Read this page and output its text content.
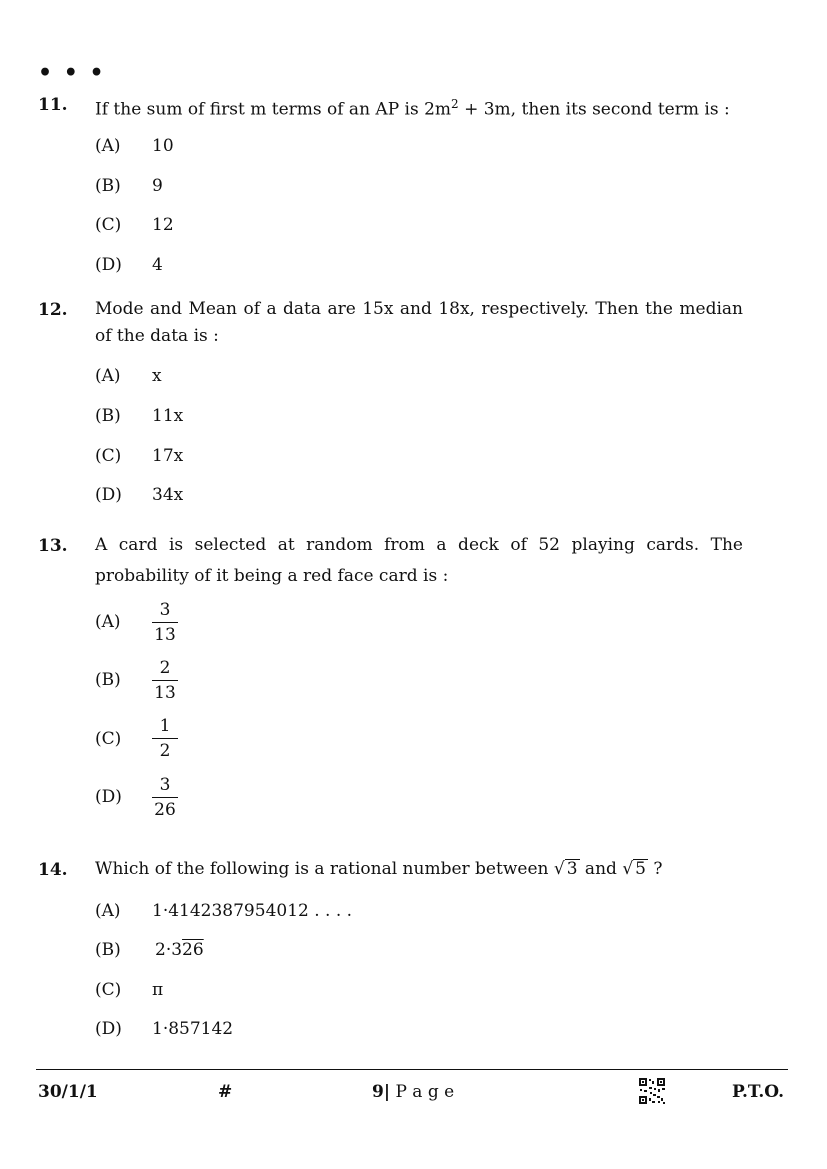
• • •
11. If the sum of first m terms of an AP is $2m^2 + 3m$, then its second term is :
(A) 10
(B) 9
(C) 12
(D) 4
12. Mode and Mean of a data are 15x and 18x, respectively. Then the median
of the data is :
(A) x
(B) 11x
(C) 17x
(D) 34x
13. A card is selected at random from a deck of 52 playing cards. The
probability of it being a red face card is :
$(A) \frac{3}{13}$
$(B) \frac{2}{13}$
$(C) \frac{1}{2}$
$(D) \frac{3}{26}$
14. Which of the following is a rational number between √ 3 and √ 5 ?
(A) 1·4142387954012 . . . .
(B) 2·326
(C) π
(D) 1·857142
30/1/1	#	9| P a g e	P.T.O.
